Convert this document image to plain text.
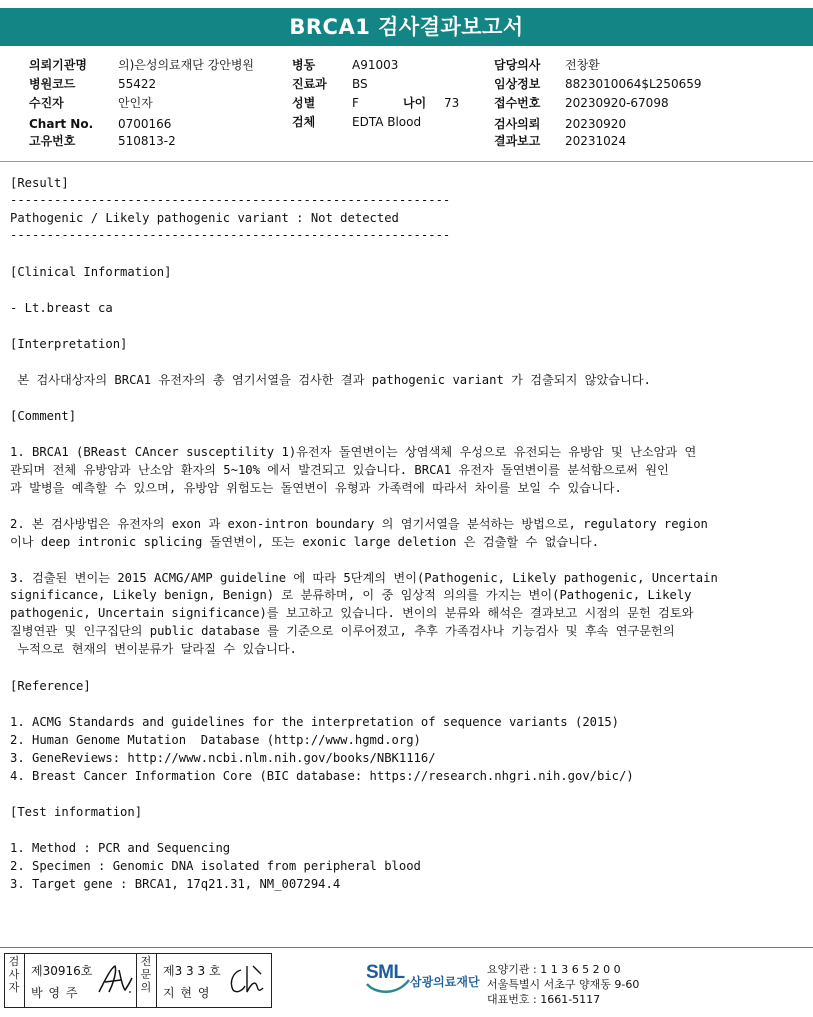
BRCA1 검사결과보고서
의뢰기관명	의)은성의료재단 강안병원
병원코드	55422
수진자	안인자
Chart No. 0700166
고유번호	510813-2
병동	A91003
진료과 BS
성별	F	나이 73
검체	EDTA Blood
담당의사 전창환
임상정보 8823010064$L250659
접수번호 20230920-67098
검사의뢰 20230920
결과보고 20231024
[Result]
------------------------------------------------------------
Pathogenic / Likely pathogenic variant : Not detected
------------------------------------------------------------
[Clinical Information]
- Lt.breast ca
[Interpretation]
본 검사대상자의 BRCA1 유전자의 총 염기서열을 검사한 결과 pathogenic variant 가 검출되지 않았습니다.
[Comment]
1. BRCA1 (BReast CAncer susceptility 1)유전자 돌연변이는 상염색체 우성으로 유전되는 유방암 및 난소암과 연
관되며 전체 유방암과 난소암 환자의 5~10% 에서 발견되고 있습니다. BRCA1 유전자 돌연변이를 분석함으로써 원인
과 발병을 예측할 수 있으며, 유방암 위험도는 돌연변이 유형과 가족력에 따라서 차이를 보일 수 있습니다.
2. 본 검사방법은 유전자의 exon 과 exon-intron boundary 의 염기서열을 분석하는 방법으로, regulatory region
이나 deep intronic splicing 돌연변이, 또는 exonic large deletion 은 검출할 수 없습니다.
3. 검출된 변이는 2015 ACMG/AMP guideline 에 따라 5단계의 변이(Pathogenic, Likely pathogenic, Uncertain
significance, Likely benign, Benign) 로 분류하며, 이 중 임상적 의의를 가지는 변이(Pathogenic, Likely
pathogenic, Uncertain significance)를 보고하고 있습니다. 변이의 분류와 해석은 결과보고 시점의 문헌 검토와
질병연관 및 인구집단의 public database 를 기준으로 이루어졌고, 추후 가족검사나 기능검사 및 후속 연구문헌의
누적으로 현재의 변이분류가 달라질 수 있습니다.
[Reference]
1. ACMG Standards and guidelines for the interpretation of sequence variants (2015)
2. Human Genome Mutation  Database (http://www.hgmd.org)
3. GeneReviews: http://www.ncbi.nlm.nih.gov/books/NBK1116/
4. Breast Cancer Information Core (BIC database: https://research.nhgri.nih.gov/bic/)
[Test information]
1. Method : PCR and Sequencing
2. Specimen : Genomic DNA isolated from peripheral blood
3. Target gene : BRCA1, 17q21.31, NM_007294.4
검사자
제30916호
박 영 주
전문의
제3 3 3 호
지 현 영
SML 삼광의료재단
요양기관 : 1 1 3 6 5 2 0 0
서울특별시 서초구 양재동 9-60
대표번호 : 1661-5117
